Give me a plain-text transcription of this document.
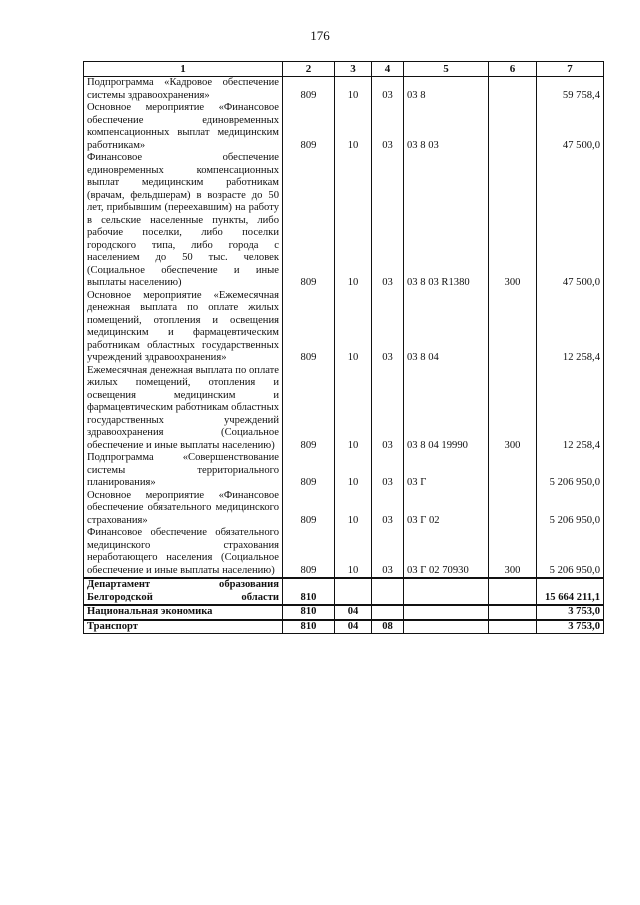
176
1	2	3	4	5	6	7
Подпрограмма «Кадровое обеспечение системы здравоохранения»	809	10	03	03 8		59 758,4
Основное мероприятие «Финансовое обеспечение единовременных компенсационных выплат медицинским работникам»	809	10	03	03 8 03		47 500,0
Финансовое обеспечение единовременных компенсационных выплат медицинским работникам (врачам, фельдшерам) в возрасте до 50 лет, прибывшим (переехавшим) на работу в сельские населенные пункты, либо рабочие поселки, либо поселки городского типа, либо города с населением до 50 тыс. человек (Социальное обеспечение и иные выплаты населению)	809	10	03	03 8 03 R1380	300	47 500,0
Основное мероприятие «Ежемесячная денежная выплата по оплате жилых помещений, отопления и освещения медицинским и фармацевтическим работникам областных государственных учреждений здравоохранения»	809	10	03	03 8 04		12 258,4
Ежемесячная денежная выплата по оплате жилых помещений, отопления и освещения медицинским и фармацевтическим работникам областных государственных учреждений здравоохранения (Социальное обеспечение и иные выплаты населению)	809	10	03	03 8 04 19990	300	12 258,4
Подпрограмма «Совершенствование системы территориального планирования»	809	10	03	03 Г		5 206 950,0
Основное мероприятие «Финансовое обеспечение обязательного медицинского страхования»	809	10	03	03 Г 02		5 206 950,0
Финансовое обеспечение обязательного медицинского страхования неработающего населения (Социальное обеспечение и иные выплаты населению)	809	10	03	03 Г 02 70930	300	5 206 950,0
Департамент образования Белгородской области	810					15 664 211,1
Национальная экономика	810	04				3 753,0
Транспорт	810	04	08			3 753,0
